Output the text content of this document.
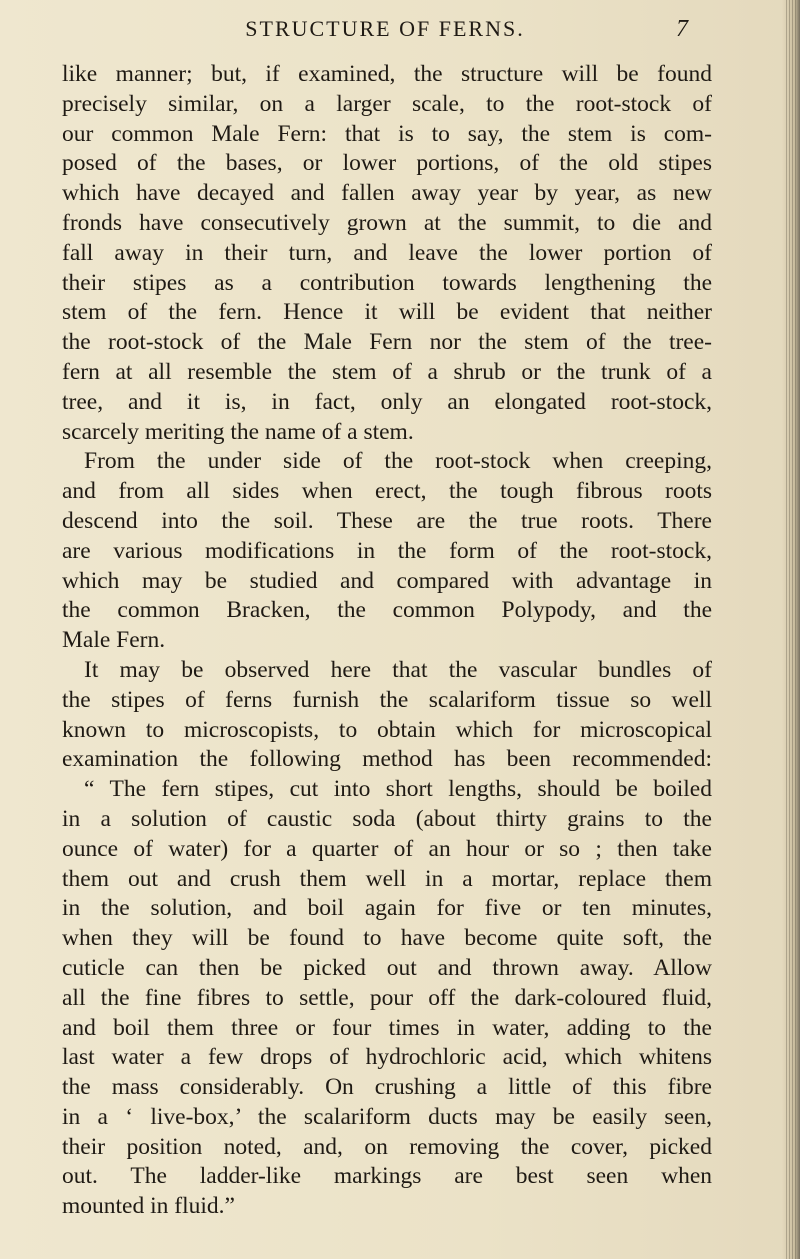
STRUCTURE OF FERNS.	7
like manner; but, if examined, the structure will be found
precisely similar, on a larger scale, to the root-stock of
our common Male Fern: that is to say, the stem is com-
posed of the bases, or lower portions, of the old stipes
which have decayed and fallen away year by year, as new
fronds have consecutively grown at the summit, to die and
fall away in their turn, and leave the lower portion of
their stipes as a contribution towards lengthening the
stem of the fern. Hence it will be evident that neither
the root-stock of the Male Fern nor the stem of the tree-
fern at all resemble the stem of a shrub or the trunk of a
tree, and it is, in fact, only an elongated root-stock,
scarcely meriting the name of a stem.
From the under side of the root-stock when creeping,
and from all sides when erect, the tough fibrous roots
descend into the soil. These are the true roots. There
are various modifications in the form of the root-stock,
which may be studied and compared with advantage in
the common Bracken, the common Polypody, and the
Male Fern.
It may be observed here that the vascular bundles of
the stipes of ferns furnish the scalariform tissue so well
known to microscopists, to obtain which for microscopical
examination the following method has been recommended:
“ The fern stipes, cut into short lengths, should be boiled
in a solution of caustic soda (about thirty grains to the
ounce of water) for a quarter of an hour or so ; then take
them out and crush them well in a mortar, replace them
in the solution, and boil again for five or ten minutes,
when they will be found to have become quite soft, the
cuticle can then be picked out and thrown away. Allow
all the fine fibres to settle, pour off the dark-coloured fluid,
and boil them three or four times in water, adding to the
last water a few drops of hydrochloric acid, which whitens
the mass considerably. On crushing a little of this fibre
in a ‘ live-box,’ the scalariform ducts may be easily seen,
their position noted, and, on removing the cover, picked
out. The ladder-like markings are best seen when
mounted in fluid.”
